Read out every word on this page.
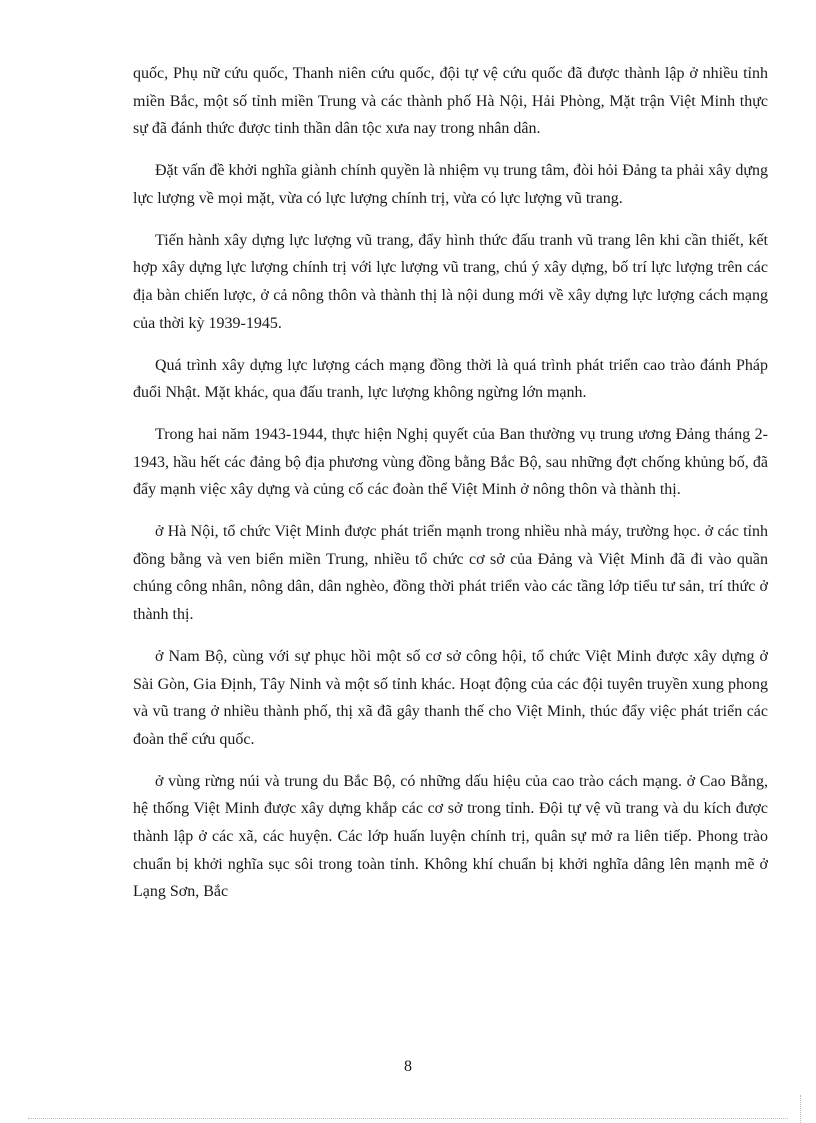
quốc, Phụ nữ cứu quốc, Thanh niên cứu quốc, đội tự vệ cứu quốc đã được thành lập ở nhiều tỉnh miền Bắc, một số tỉnh miền Trung và các thành phố Hà Nội, Hải Phòng, Mặt trận Việt Minh thực sự đã đánh thức được tinh thần dân tộc xưa nay trong nhân dân.

Đặt vấn đề khởi nghĩa giành chính quyền là nhiệm vụ trung tâm, đòi hỏi Đảng ta phải xây dựng lực lượng về mọi mặt, vừa có lực lượng chính trị, vừa có lực lượng vũ trang.

Tiến hành xây dựng lực lượng vũ trang, đẩy hình thức đấu tranh vũ trang lên khi cần thiết, kết hợp xây dựng lực lượng chính trị với lực lượng vũ trang, chú ý xây dựng, bố trí lực lượng trên các địa bàn chiến lược, ở cả nông thôn và thành thị là nội dung mới về xây dựng lực lượng cách mạng của thời kỳ 1939-1945.

Quá trình xây dựng lực lượng cách mạng đồng thời là quá trình phát triển cao trào đánh Pháp đuổi Nhật. Mặt khác, qua đấu tranh, lực lượng không ngừng lớn mạnh.

Trong hai năm 1943-1944, thực hiện Nghị quyết của Ban thường vụ trung ương Đảng tháng 2-1943, hầu hết các đảng bộ địa phương vùng đồng bằng Bắc Bộ, sau những đợt chống khủng bố, đã đẩy mạnh việc xây dựng và củng cố các đoàn thể Việt Minh ở nông thôn và thành thị.

ở Hà Nội, tổ chức Việt Minh được phát triển mạnh trong nhiều nhà máy, trường học. ở các tỉnh đồng bằng và ven biển miền Trung, nhiều tổ chức cơ sở của Đảng và Việt Minh đã đi vào quần chúng công nhân, nông dân, dân nghèo, đồng thời phát triển vào các tầng lớp tiểu tư sản, trí thức ở thành thị.

ở Nam Bộ, cùng với sự phục hồi một số cơ sở công hội, tổ chức Việt Minh được xây dựng ở Sài Gòn, Gia Định, Tây Ninh và một số tỉnh khác. Hoạt động của các đội tuyên truyền xung phong và vũ trang ở nhiều thành phố, thị xã đã gây thanh thế cho Việt Minh, thúc đẩy việc phát triển các đoàn thể cứu quốc.

ở vùng rừng núi và trung du Bắc Bộ, có những dấu hiệu của cao trào cách mạng. ở Cao Bằng, hệ thống Việt Minh được xây dựng khắp các cơ sở trong tỉnh. Đội tự vệ vũ trang và du kích được thành lập ở các xã, các huyện. Các lớp huấn luyện chính trị, quân sự mở ra liên tiếp. Phong trào chuẩn bị khởi nghĩa sục sôi trong toàn tỉnh. Không khí chuẩn bị khởi nghĩa dâng lên mạnh mẽ ở Lạng Sơn, Bắc

8
